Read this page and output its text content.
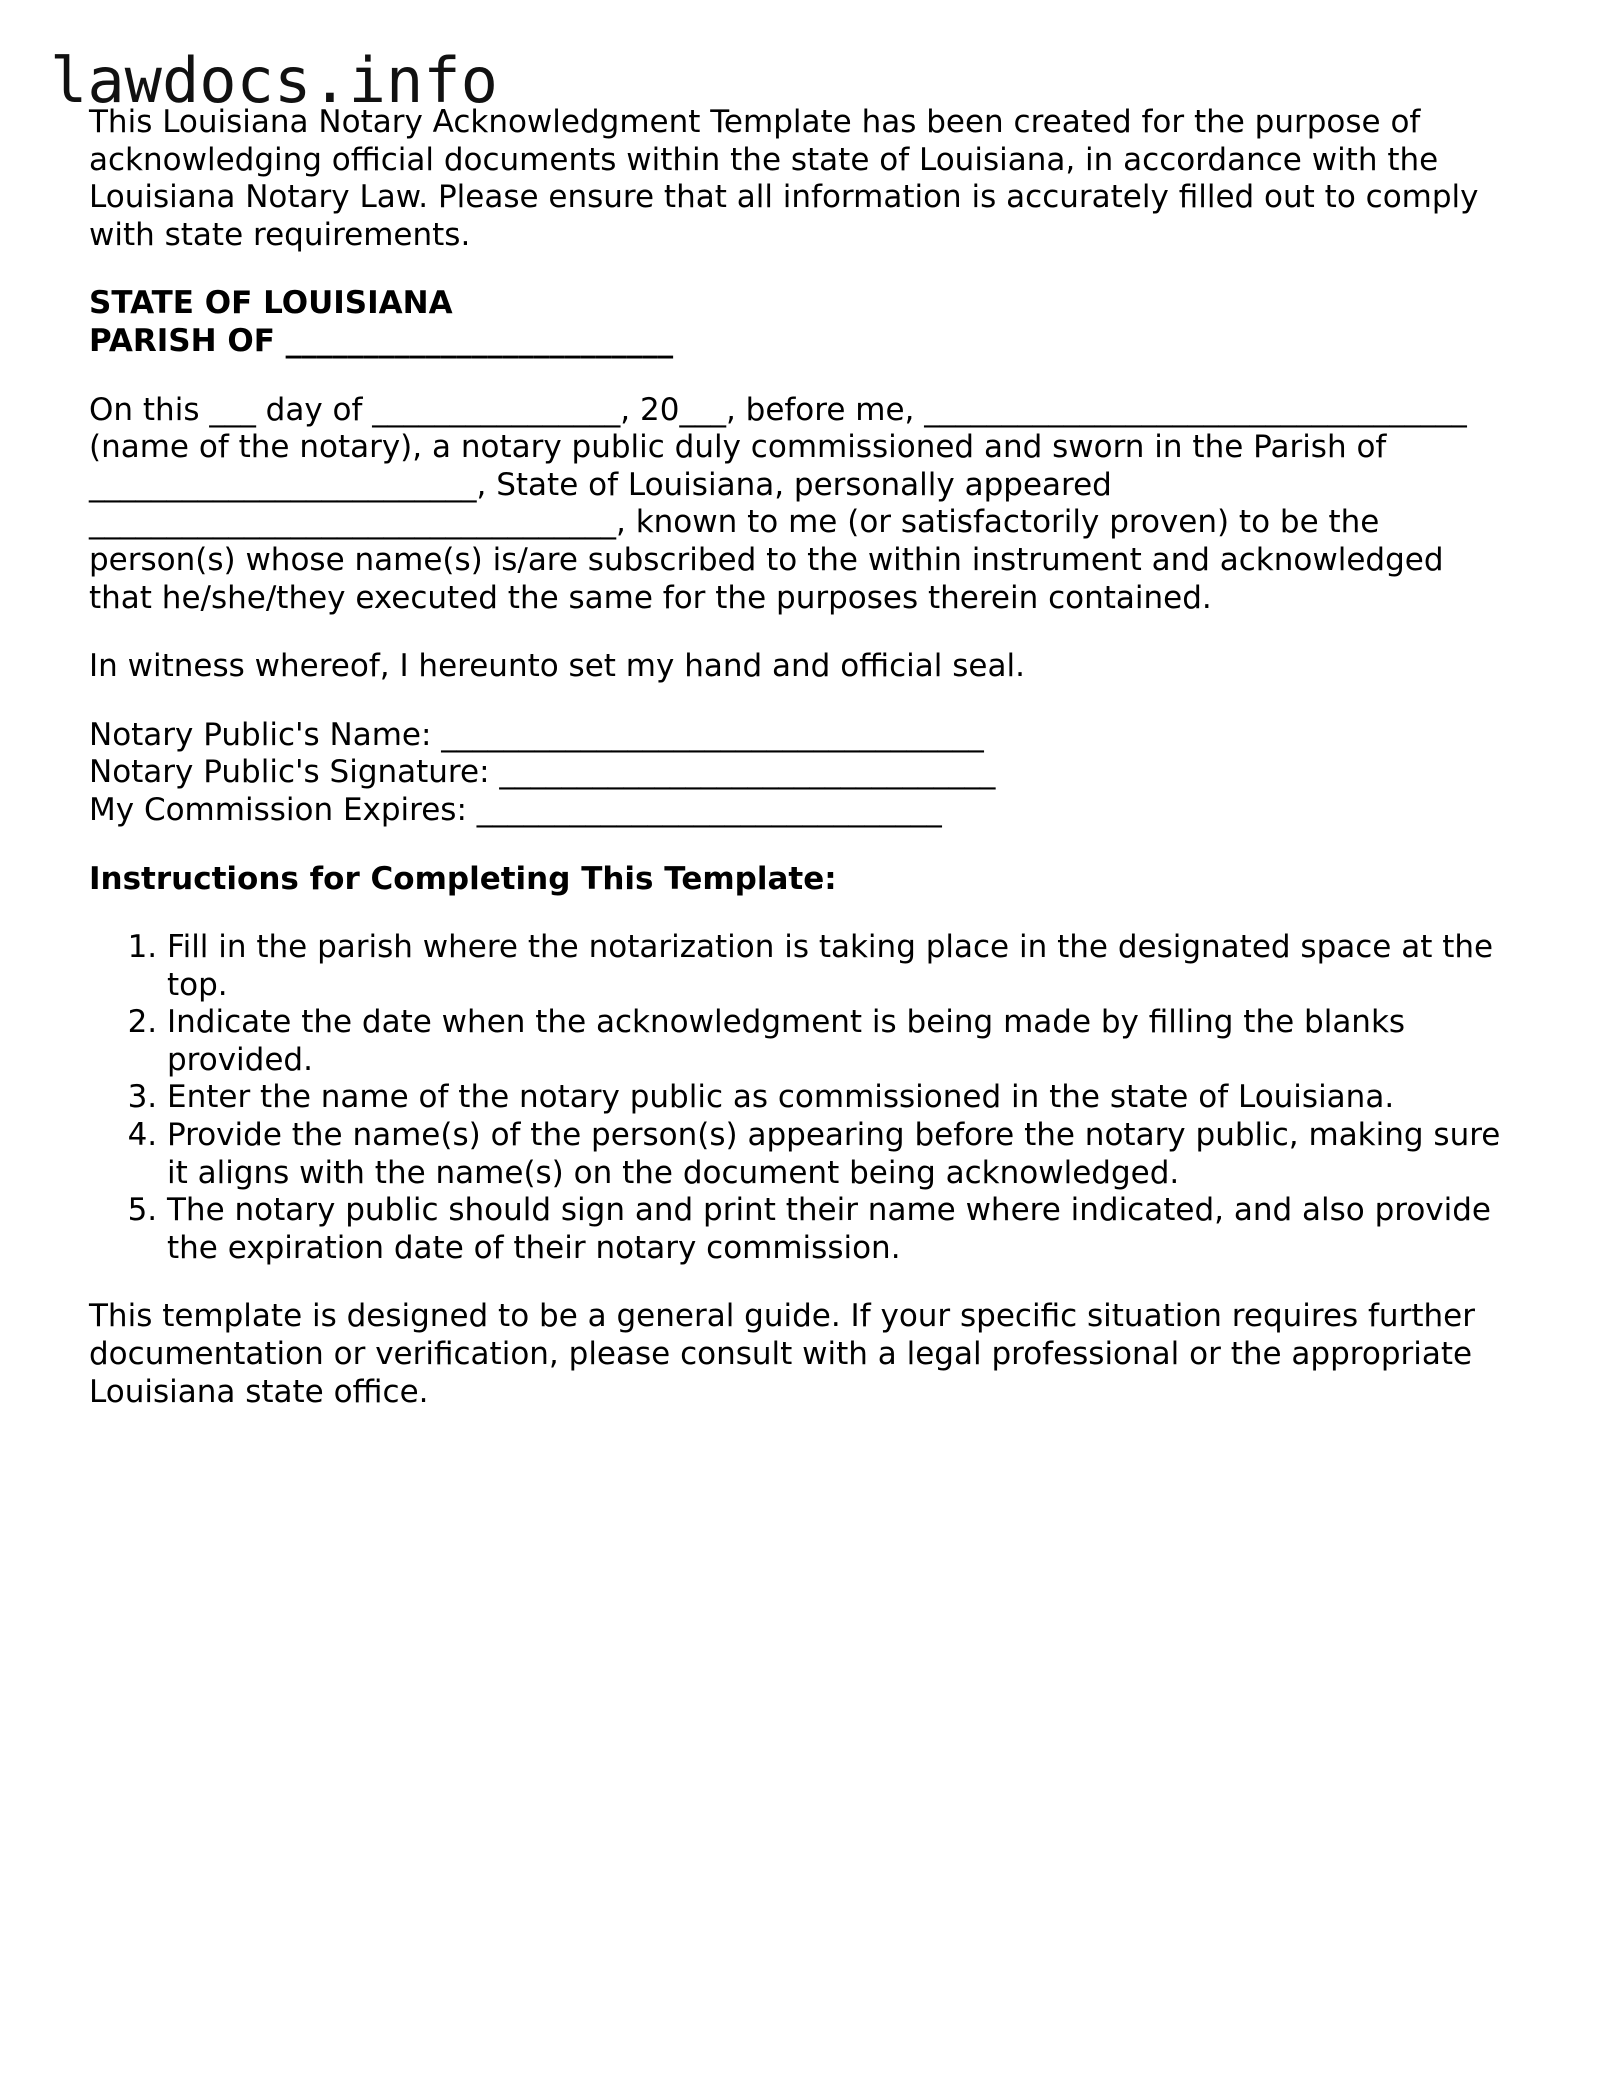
lawdocs.info

This Louisiana Notary Acknowledgment Template has been created for the purpose of acknowledging official documents within the state of Louisiana, in accordance with the Louisiana Notary Law. Please ensure that all information is accurately filled out to comply with state requirements.

STATE OF LOUISIANA
PARISH OF _________________________
On this ___ day of ________________, 20___, before me, ___________________________________
(name of the notary), a notary public duly commissioned and sworn in the Parish of
_________________________, State of Louisiana, personally appeared
__________________________________, known to me (or satisfactorily proven) to be the
person(s) whose name(s) is/are subscribed to the within instrument and acknowledged
that he/she/they executed the same for the purposes therein contained.

In witness whereof, I hereunto set my hand and official seal.

Notary Public's Name: ___________________________________
Notary Public's Signature: ________________________________
My Commission Expires: ______________________________

Instructions for Completing This Template:

1. Fill in the parish where the notarization is taking place in the designated space at the top.
2. Indicate the date when the acknowledgment is being made by filling the blanks provided.
3. Enter the name of the notary public as commissioned in the state of Louisiana.
4. Provide the name(s) of the person(s) appearing before the notary public, making sure it aligns with the name(s) on the document being acknowledged.
5. The notary public should sign and print their name where indicated, and also provide the expiration date of their notary commission.

This template is designed to be a general guide. If your specific situation requires further documentation or verification, please consult with a legal professional or the appropriate Louisiana state office.
